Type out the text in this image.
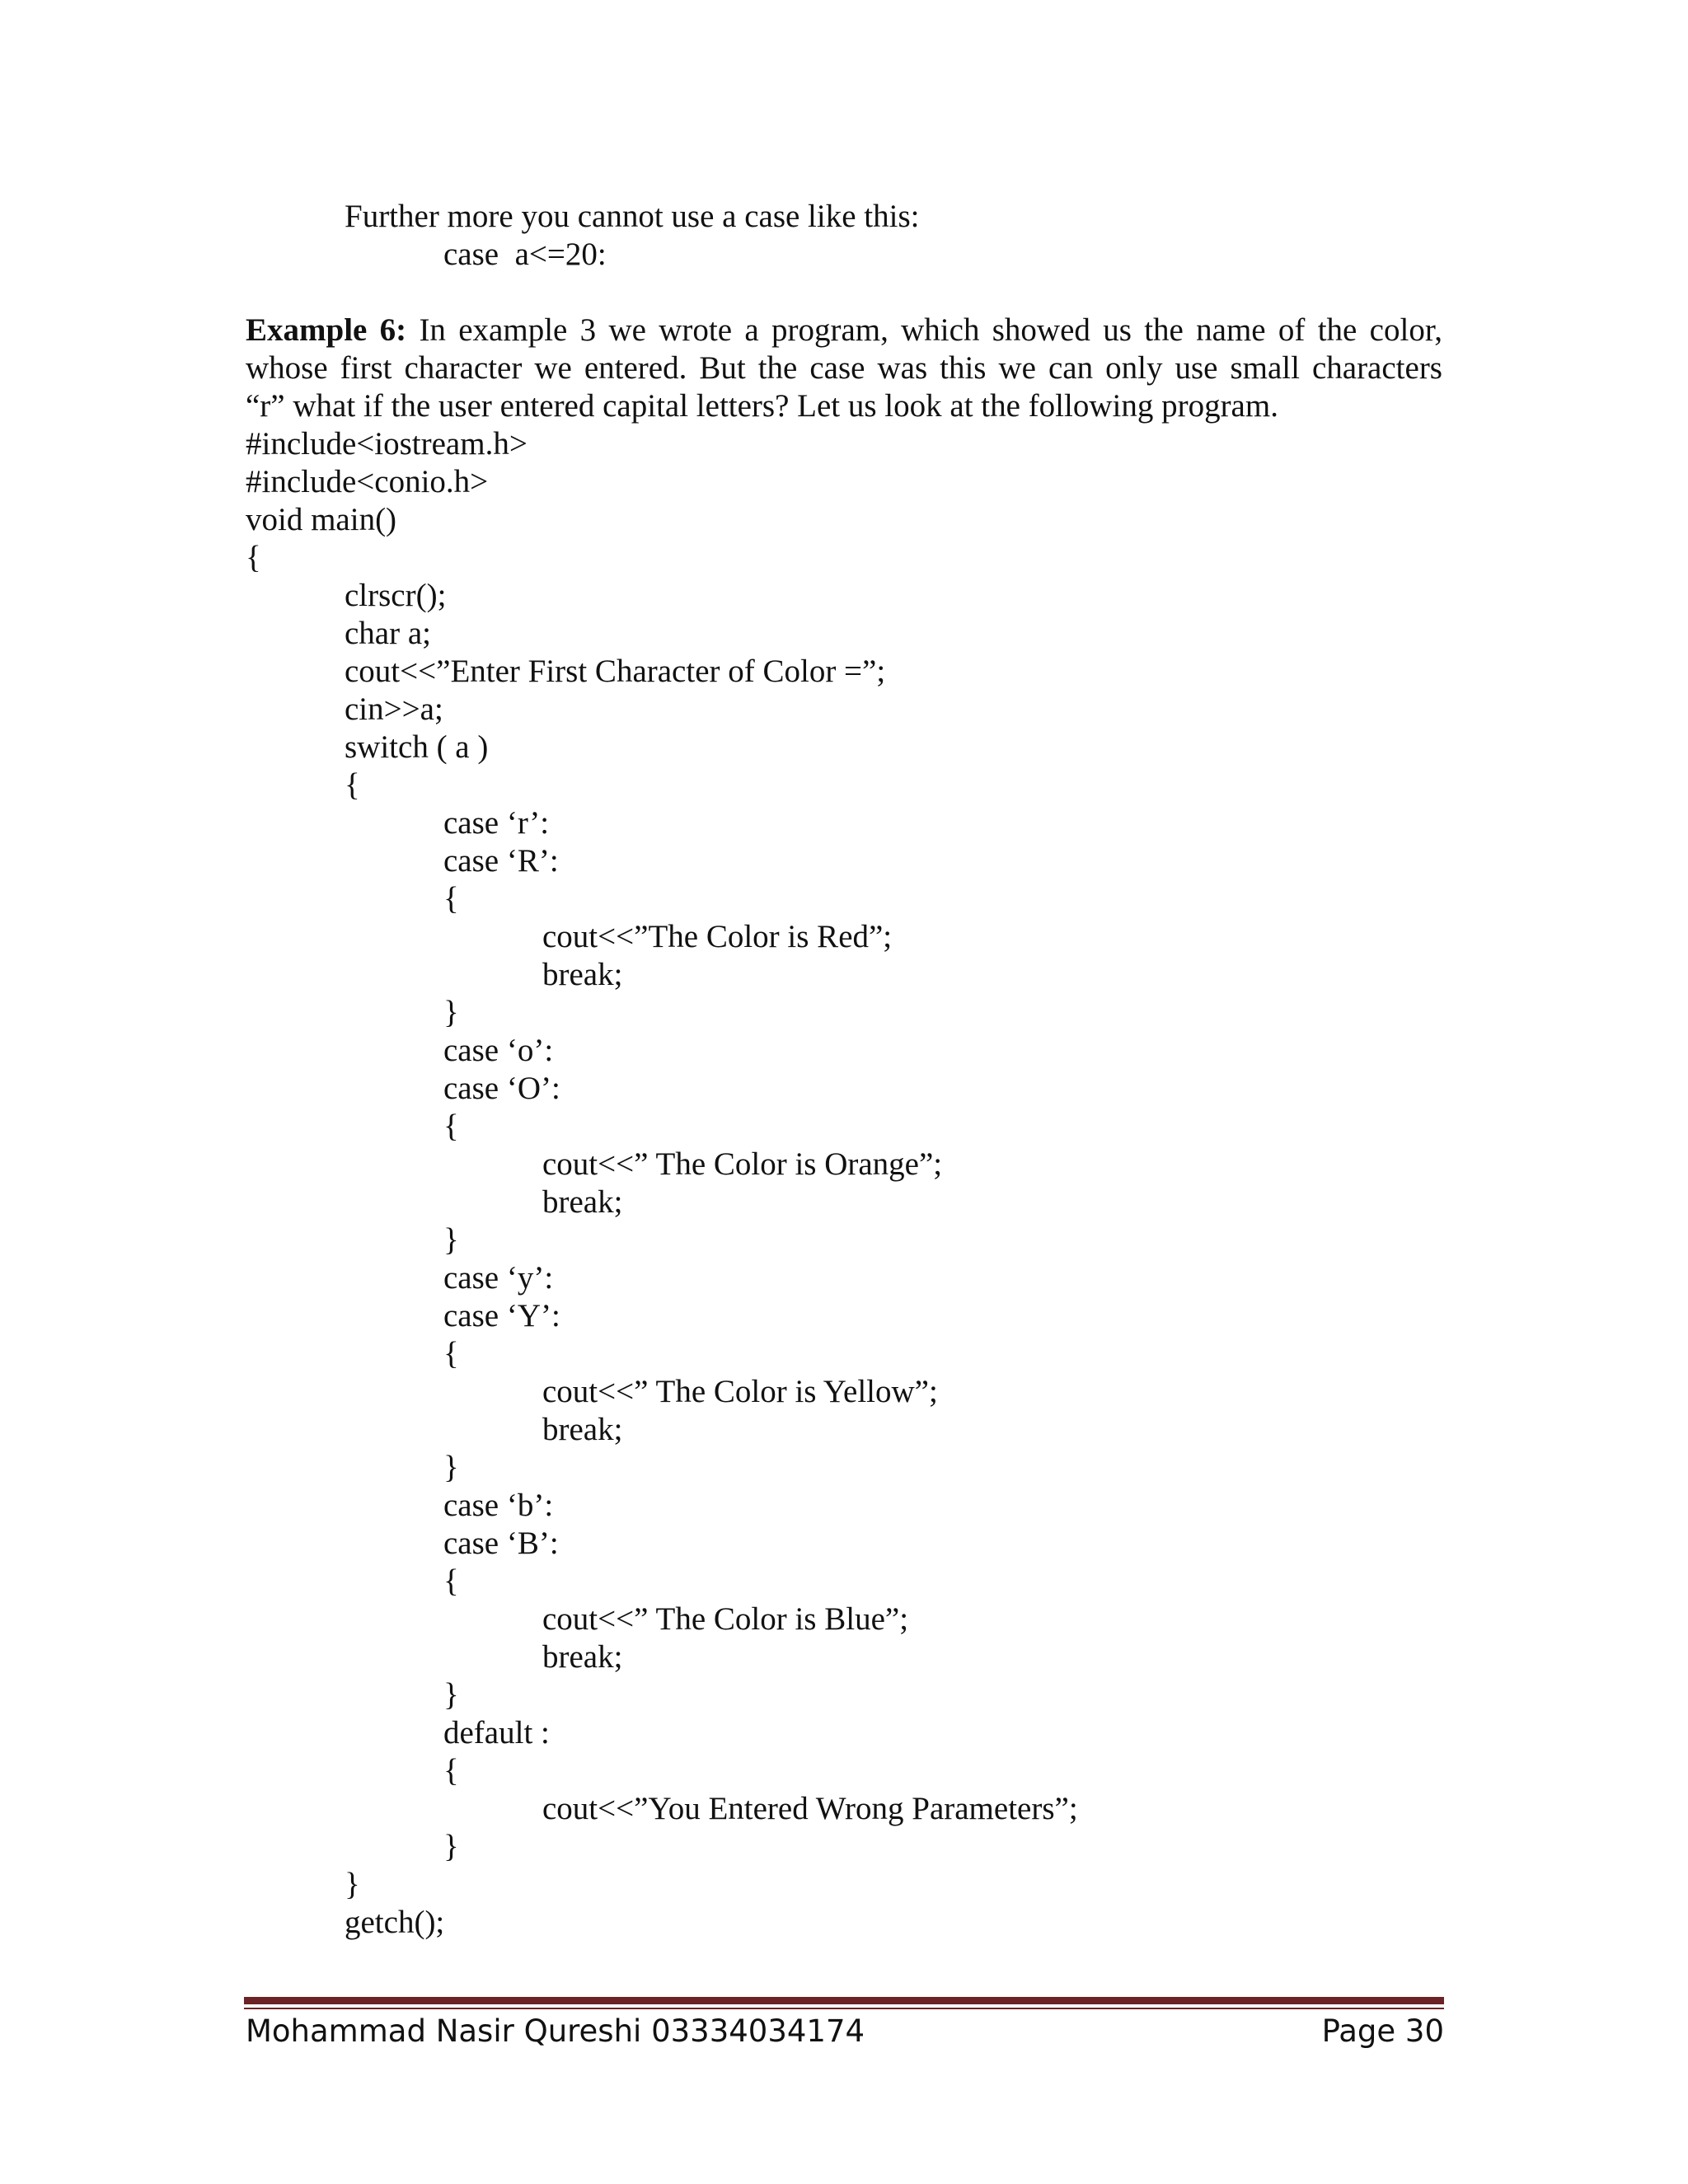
Further more you cannot use a case like this:
case  a<=20:
Example 6: In example 3 we wrote a program, which showed us the name of the color,
whose first character we entered. But the case was this we can only use small characters
“r” what if the user entered capital letters? Let us look at the following program.
#include<iostream.h>
#include<conio.h>
void main()
{
clrscr();
char a;
cout<<”Enter First Character of Color =”;
cin>>a;
switch ( a )
{
case ‘r’:
case ‘R’:
{
cout<<”The Color is Red”;
break;
}
case ‘o’:
case ‘O’:
{
cout<<” The Color is Orange”;
break;
}
case ‘y’:
case ‘Y’:
{
cout<<” The Color is Yellow”;
break;
}
case ‘b’:
case ‘B’:
{
cout<<” The Color is Blue”;
break;
}
default :
{
cout<<”You Entered Wrong Parameters”;
}
}
getch();
Mohammad Nasir Qureshi 03334034174	Page 30
